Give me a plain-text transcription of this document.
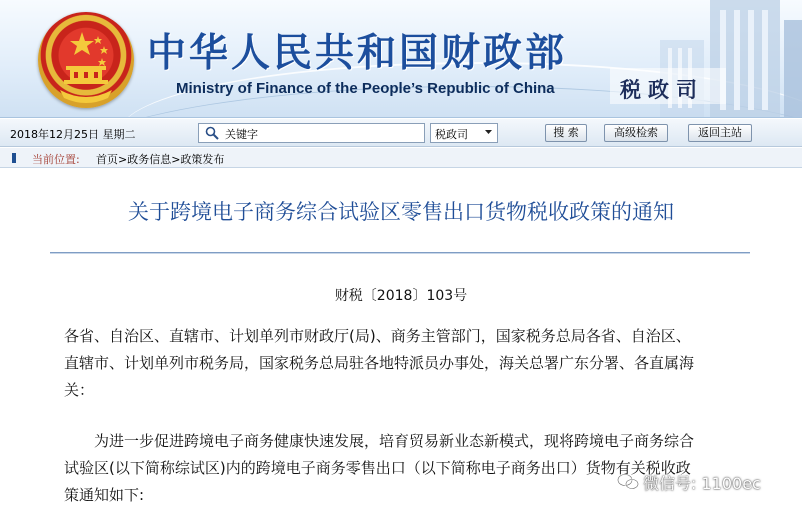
中华人民共和国财政部
Ministry of Finance of the People’s Republic of China	税政司
2018年12月25日 星期二
关键字	税政司	搜 索	高级检索	返回主站
当前位置: 首页>政务信息>政策发布
关于跨境电子商务综合试验区零售出口货物税收政策的通知
财税〔2018〕103号
各省、自治区、直辖市、计划单列市财政厅(局)、商务主管部门，国家税务总局各省、自治区、
直辖市、计划单列市税务局，国家税务总局驻各地特派员办事处，海关总署广东分署、各直属海
关：
为进一步促进跨境电子商务健康快速发展，培育贸易新业态新模式，现将跨境电子商务综合
试验区(以下简称综试区)内的跨境电子商务零售出口（以下简称电子商务出口）货物有关税收政
策通知如下:
微信号: 1100ec
